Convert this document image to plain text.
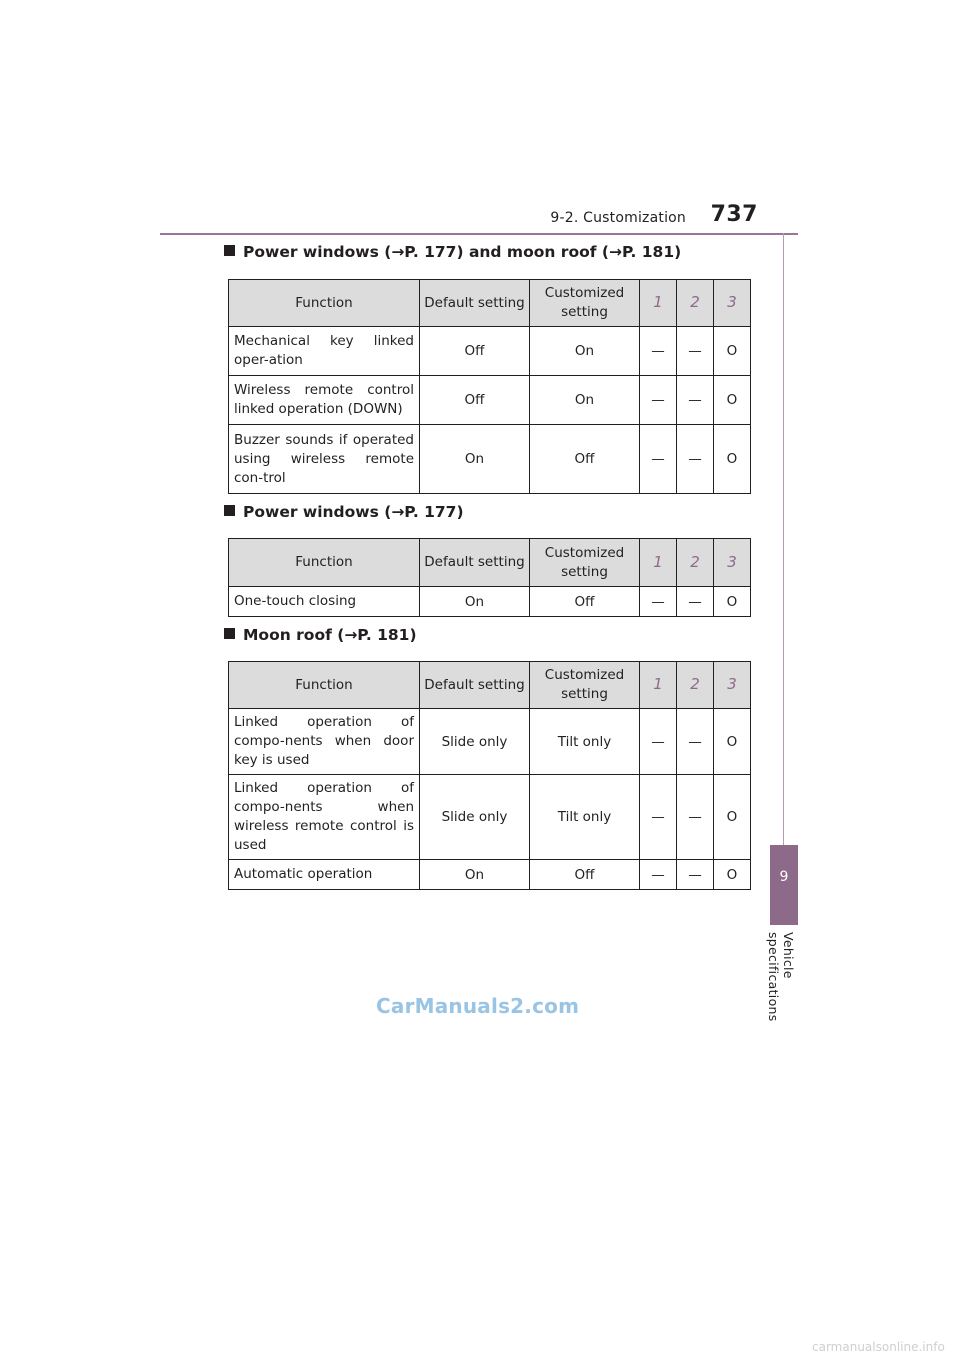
9-2. Customization 737
9
Vehicle specifications
Power windows (→P. 177) and moon roof (→P. 181)
Function	Default setting	Customized setting	1	2	3
Mechanical key linked oper-ation	Off	On	—	—	O
Wireless remote control linked operation (DOWN)	Off	On	—	—	O
Buzzer sounds if operated using wireless remote con-trol	On	Off	—	—	O
Power windows (→P. 177)
Function	Default setting	Customized setting	1	2	3
One-touch closing	On	Off	—	—	O
Moon roof (→P. 181)
Function	Default setting	Customized setting	1	2	3
Linked operation of compo-nents when door key is used	Slide only	Tilt only	—	—	O
Linked operation of compo-nents when wireless remote control is used	Slide only	Tilt only	—	—	O
Automatic operation	On	Off	—	—	O
CarManuals2.com
carmanualsonline.info
